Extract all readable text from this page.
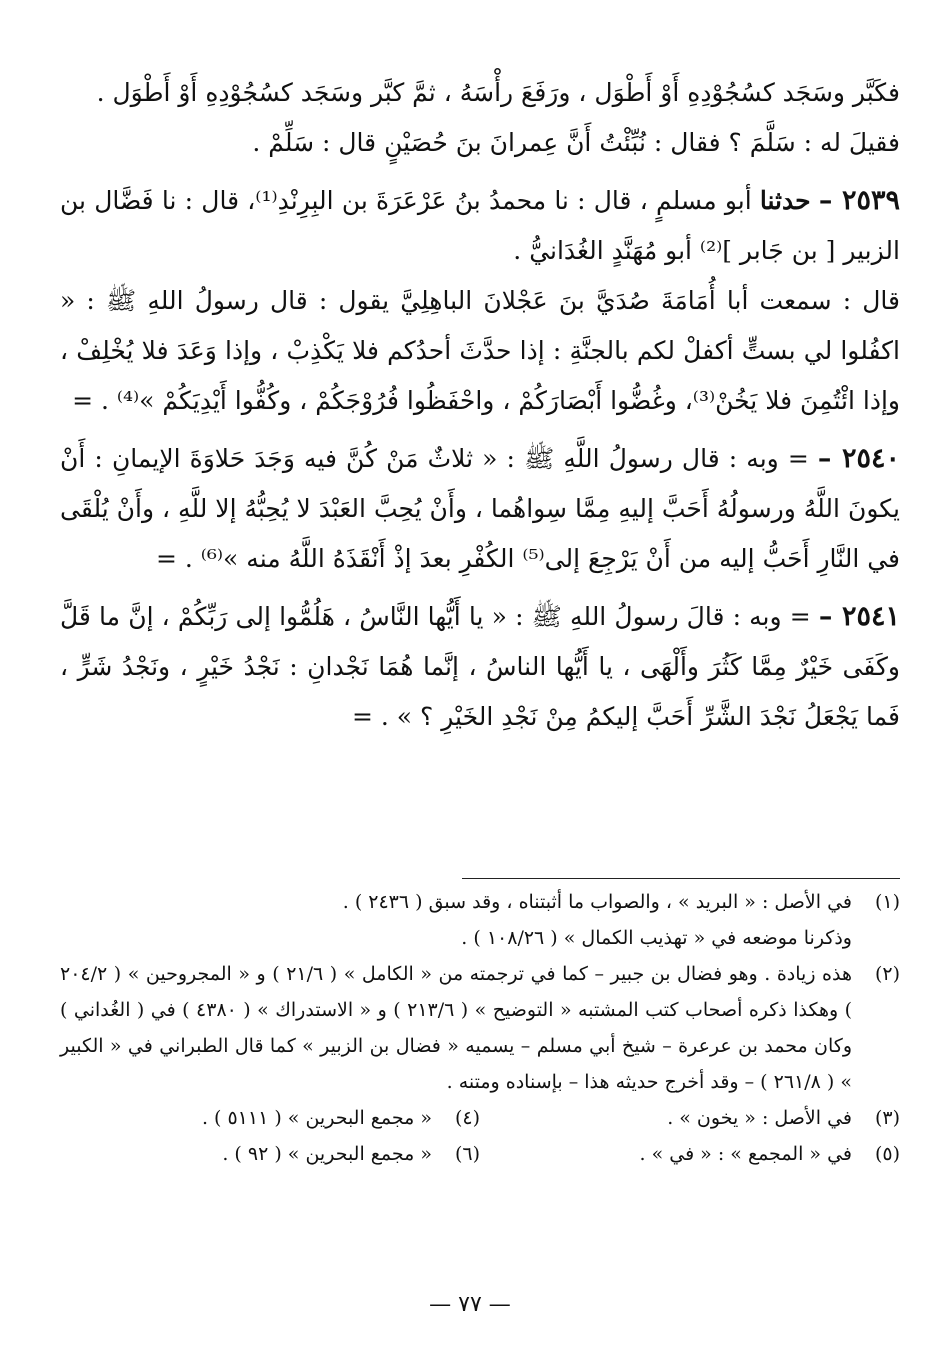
فكَبَّر وسَجَد كسُجُوْدِهِ أَوْ أَطْوَل ، ورَفَعَ رأْسَهُ ، ثمَّ كبَّر وسَجَد كسُجُوْدِهِ أَوْ أَطْوَل .

فقيلَ له : سَلَّمَ ؟ فقال : نُبِّئْتُ أَنَّ عِمرانَ بنَ حُصَيْنٍ قال : سَلِّمْ .

٢٥٣٩ – حدثنا أبو مسلمٍ ، قال : نا محمدُ بنُ عَرْعَرَةَ بن البِرِنْدِ⁽¹⁾، قال : نا فَضَّال بن الزبير [ بن جَابر ]⁽²⁾ أبو مُهَنَّدٍ الغُدَانيُّ .

قال : سمعت أبا أُمَامَةَ صُدَيَّ بنَ عَجْلانَ الباهِلِيَّ يقول : قال رسولُ اللهِ ﷺ : « اكفُلوا لي بستٍّ أكفلْ لكم بالجنَّةِ : إذا حدَّثَ أحدُكم فلا يَكْذِبْ ، وإذا وَعَدَ فلا يُخْلِفْ ، وإذا ائْتُمِنَ فلا يَخُنْ⁽³⁾، وغُضُّوا أَبْصَارَكُمْ ، واحْفَظُوا فُرُوْجَكُمْ ، وكُفُّوا أَيْدِيَكُمْ »⁽⁴⁾ . =

٢٥٤٠ – = وبه : قال رسولُ اللَّهِ ﷺ : « ثلاثٌ مَنْ كُنَّ فيه وَجَدَ حَلاوَةَ الإيمانِ : أَنْ يكونَ اللَّهُ ورسولُهُ أَحَبَّ إليهِ مِمَّا سِواهُما ، وأَنْ يُحِبَّ العَبْدَ لا يُحِبُّهُ إلا للَّهِ ، وأَنْ يُلْقَى في النَّارِ أَحَبُّ إليه من أَنْ يَرْجِعَ إلى⁽⁵⁾ الكُفْرِ بعدَ إذْ أَنْقَذَهُ اللَّهُ منه »⁽⁶⁾ . =

٢٥٤١ – = وبه : قالَ رسولُ اللهِ ﷺ : « يا أَيُّها النَّاسُ ، هَلُمُّوا إلى رَبِّكُمْ ، إنَّ ما قَلَّ وكَفَى خَيْرٌ مِمَّا كَثُرَ وأَلْهَى ، يا أَيُّها الناسُ ، إنَّما هُمَا نَجْدانِ : نَجْدُ خَيْرٍ ، ونَجْدُ شَرٍّ ، فَما يَجْعَلُ نَجْدَ الشَّرِّ أَحَبَّ إليكمُ مِنْ نَجْدِ الخَيْرِ ؟ » . =

(١)
في الأصل : « البريد » ، والصواب ما أثبتناه ، وقد سبق ( ٢٤٣٦ ) .
وذكرنا موضعه في « تهذيب الكمال » ( ١٠٨/٢٦ ) .
(٢)
هذه زيادة . وهو فضال بن جبير – كما في ترجمته من « الكامل » ( ٢١/٦ ) و « المجروحين » ( ٢٠٤/٢ ) وهكذا ذكره أصحاب كتب المشتبه « التوضيح » ( ٢١٣/٦ ) و « الاستدراك » ( ٤٣٨٠ ) في ( الغُداني ) وكان محمد بن عرعرة – شيخ أبي مسلم – يسميه « فضال بن الزبير » كما قال الطبراني في « الكبير » ( ٢٦١/٨ ) – وقد أخرج حديثه هذا – بإسناده ومتنه .
(٣)
في الأصل : « يخون » .
(٤)
« مجمع البحرين » ( ٥١١١ ) .
(٥)
في « المجمع » : « في » .
(٦)
« مجمع البحرين » ( ٩٢ ) .
— ٧٧ —
